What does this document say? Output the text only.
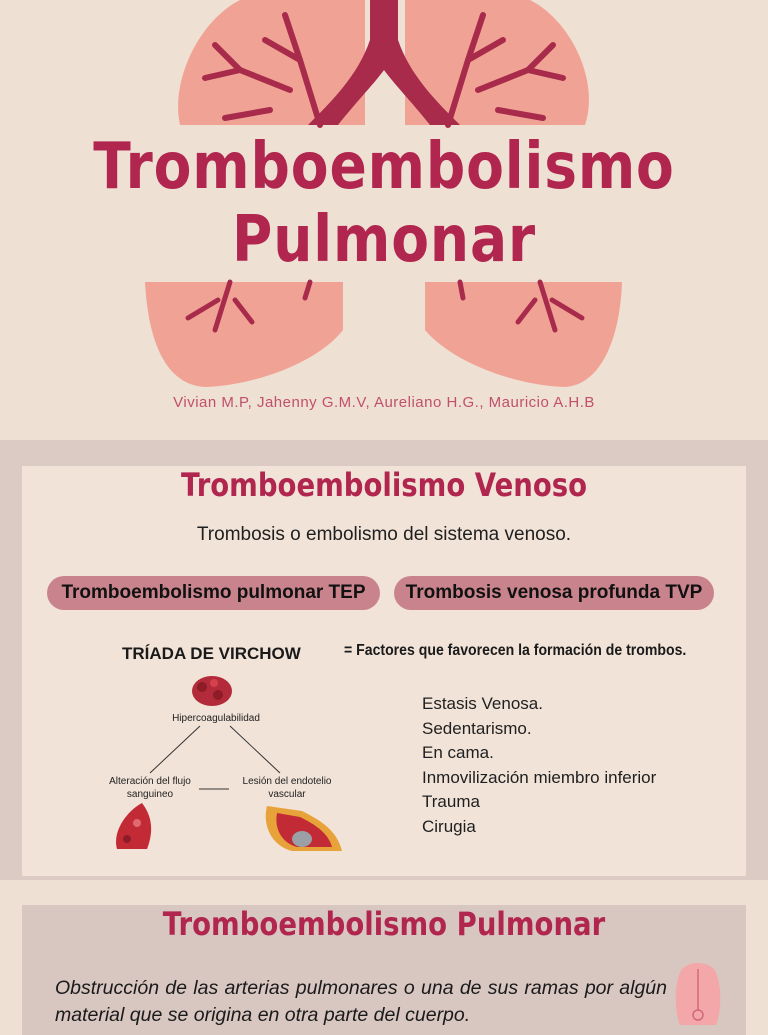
Tromboembolismo
Pulmonar
Vivian M.P, Jahenny G.M.V, Aureliano H.G., Mauricio A.H.B
Tromboembolismo Venoso
Trombosis o embolismo del sistema venoso.
Tromboembolismo pulmonar TEP	Trombosis venosa profunda TVP
TRÍADA DE VIRCHOW	= Factores que favorecen la formación de trombos.
Hipercoagulabilidad
Alteración del flujo
sanguineo
Lesión del endotelio
vascular
Estasis Venosa.
Sedentarismo.
En cama.
Inmovilización miembro inferior
Trauma
Cirugia
Tromboembolismo Pulmonar
Obstrucción de las arterias pulmonares o una de sus ramas por algún material que se origina en otra parte del cuerpo.
